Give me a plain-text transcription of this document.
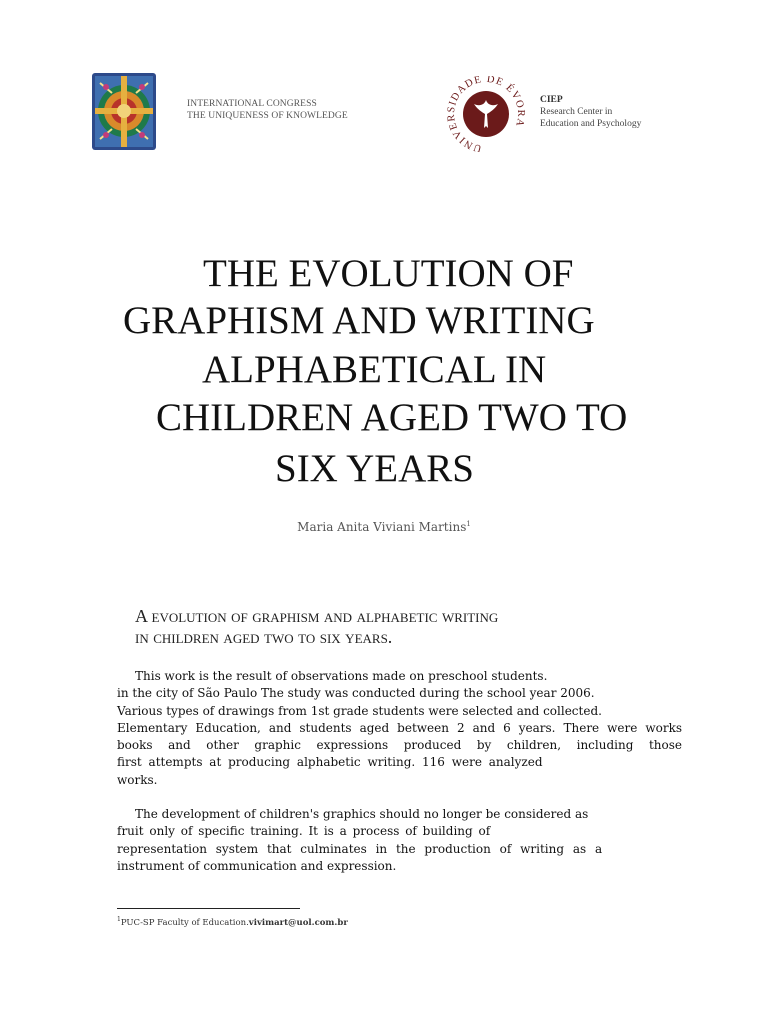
INTERNATIONAL CONGRESS
THE UNIQUENESS OF KNOWLEDGE
UNIVERSIDADE DE ÉVORA
CIEP
Research Center in
Education and Psychology
THE EVOLUTION OF
GRAPHISM AND WRITING
ALPHABETICAL IN
CHILDREN AGED TWO TO
SIX YEARS
Maria Anita Viviani Martins$^1$
A evolution of graphism and alphabetic writing
in children aged two to six years.
This work is the result of observations made on preschool students.
in the city of São Paulo The study was conducted during the school year 2006.
Various types of drawings from 1st grade students were selected and collected.
Elementary Education, and students aged between 2 and 6 years. There were works
books and other graphic expressions produced by children, including those
first attempts at producing alphabetic writing. 116 were analyzed
works.
The development of children's graphics should no longer be considered as
fruit only of specific training. It is a process of building of
representation system that culminates in the production of writing as a
instrument of communication and expression.
$^1$PUC-SP Faculty of Education.vivimart@uol.com.br
